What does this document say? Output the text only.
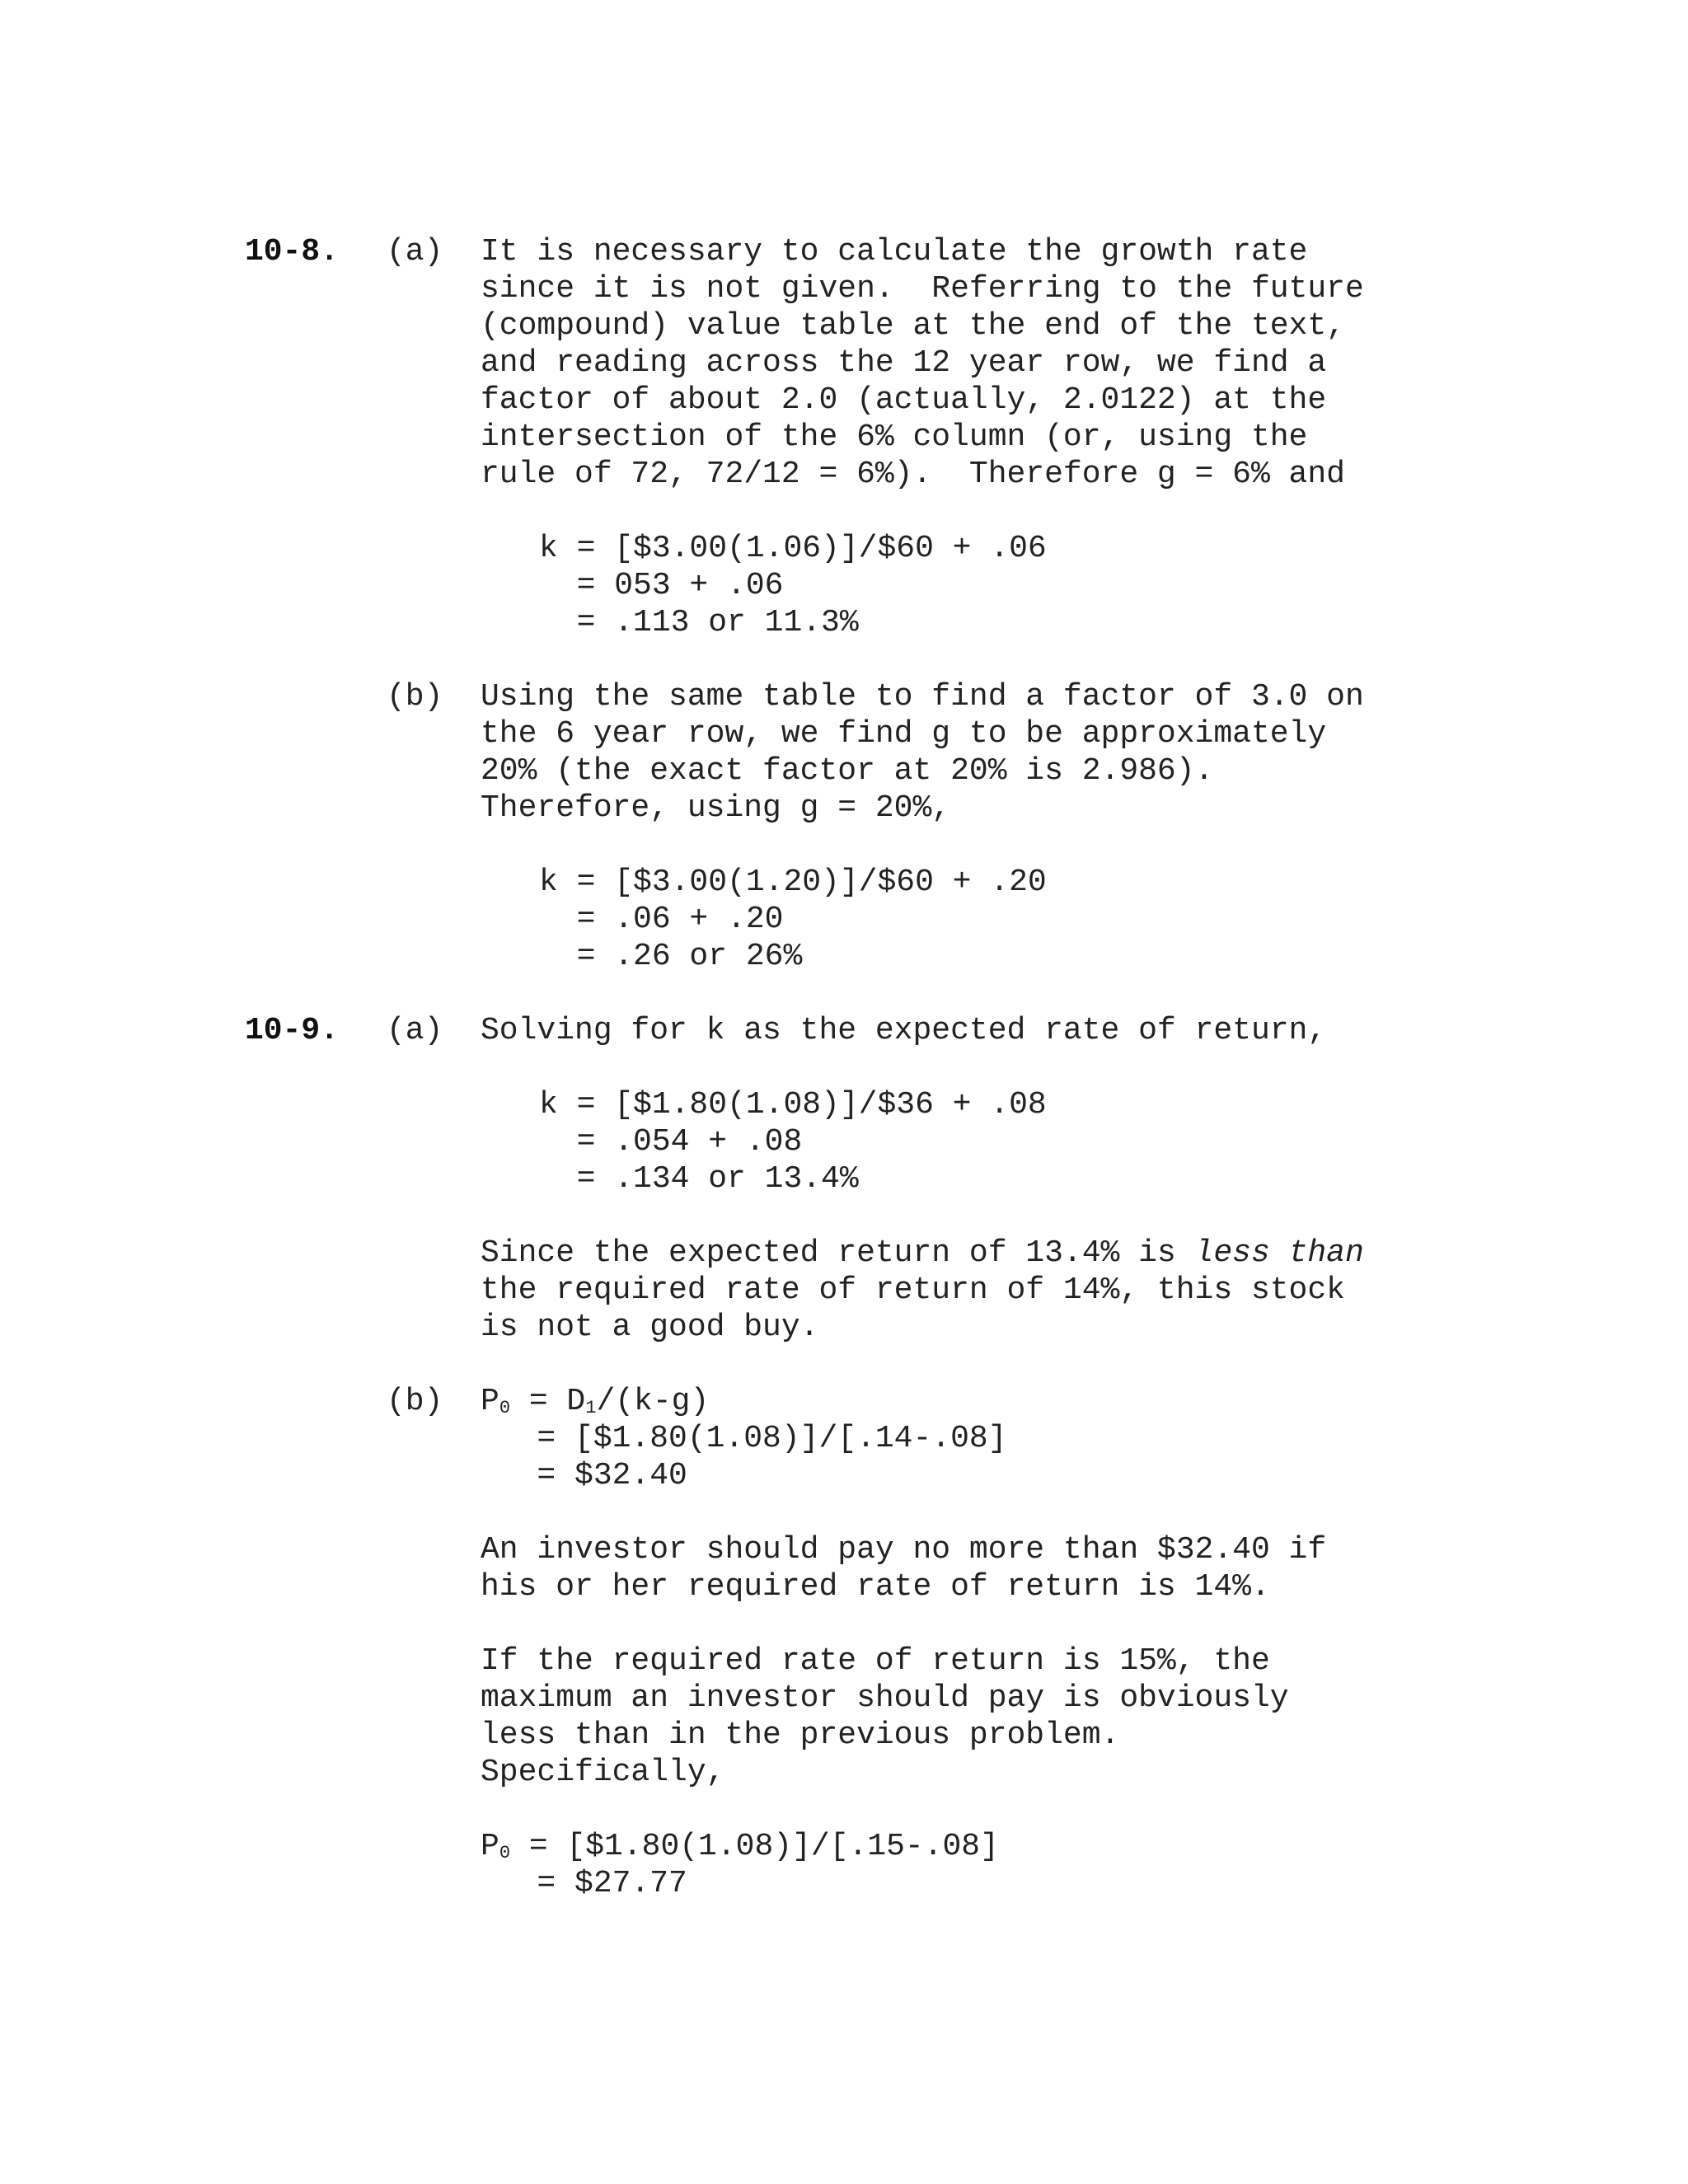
10-8. (a) It is necessary to calculate the growth rate
since it is not given.  Referring to the future
(compound) value table at the end of the text,
and reading across the 12 year row, we find a
factor of about 2.0 (actually, 2.0122) at the
intersection of the 6% column (or, using the
rule of 72, 72/12 = 6%).  Therefore g = 6% and
k = [$3.00(1.06)]/$60 + .06
= 053 + .06
= .113 or 11.3%
(b) Using the same table to find a factor of 3.0 on
the 6 year row, we find g to be approximately
20% (the exact factor at 20% is 2.986).
Therefore, using g = 20%,
k = [$3.00(1.20)]/$60 + .20
= .06 + .20
= .26 or 26%
10-9. (a) Solving for k as the expected rate of return,
k = [$1.80(1.08)]/$36 + .08
= .054 + .08
= .134 or 13.4%
Since the expected return of 13.4% is less than
the required rate of return of 14%, this stock
is not a good buy.
(b) $P_0 = D_1/(k-g)$
= [$1.80(1.08)]/[.14-.08]
= $32.40
An investor should pay no more than $32.40 if
his or her required rate of return is 14%.
If the required rate of return is 15%, the
maximum an investor should pay is obviously
less than in the previous problem.
Specifically,
$P_0$ = [$1.80(1.08)]/[.15-.08]
= $27.77
